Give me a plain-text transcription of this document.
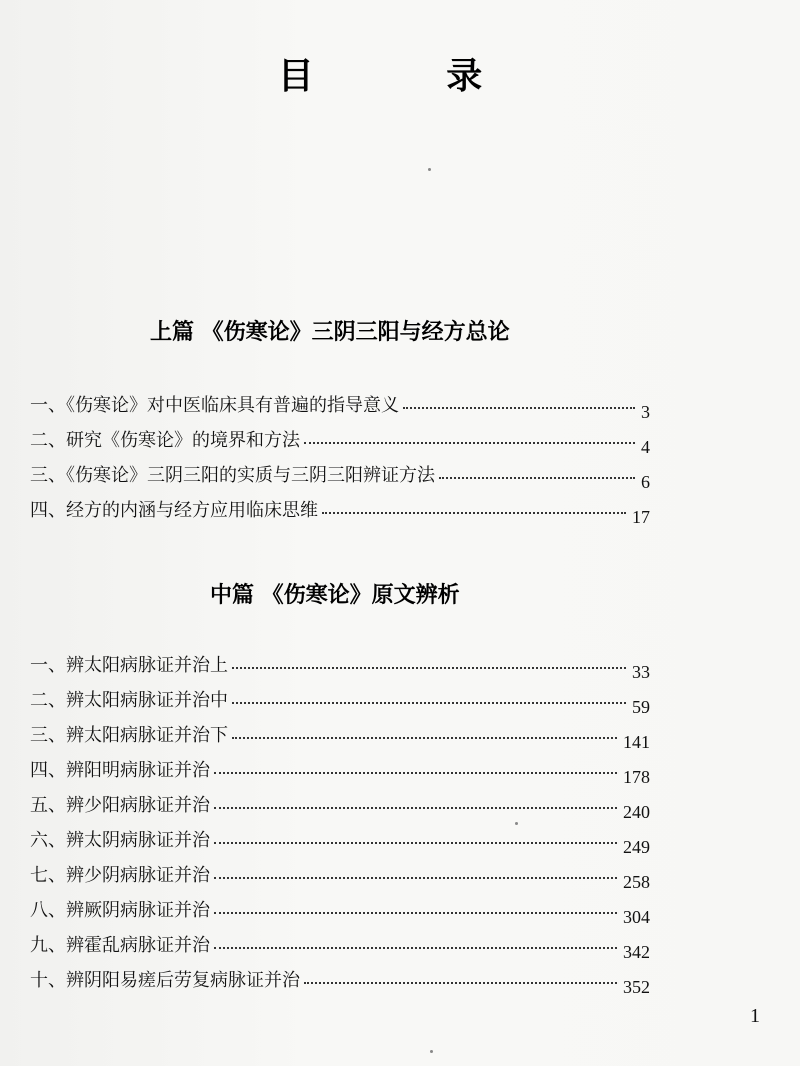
目 录
上篇 《伤寒论》三阴三阳与经方总论
一、《伤寒论》对中医临床具有普遍的指导意义	3
二、研究《伤寒论》的境界和方法	4
三、《伤寒论》三阴三阳的实质与三阴三阳辨证方法	6
四、经方的内涵与经方应用临床思维	17
中篇 《伤寒论》原文辨析
一、辨太阳病脉证并治上	33
二、辨太阳病脉证并治中	59
三、辨太阳病脉证并治下	141
四、辨阳明病脉证并治	178
五、辨少阳病脉证并治	240
六、辨太阴病脉证并治	249
七、辨少阴病脉证并治	258
八、辨厥阴病脉证并治	304
九、辨霍乱病脉证并治	342
十、辨阴阳易瘥后劳复病脉证并治	352
1
